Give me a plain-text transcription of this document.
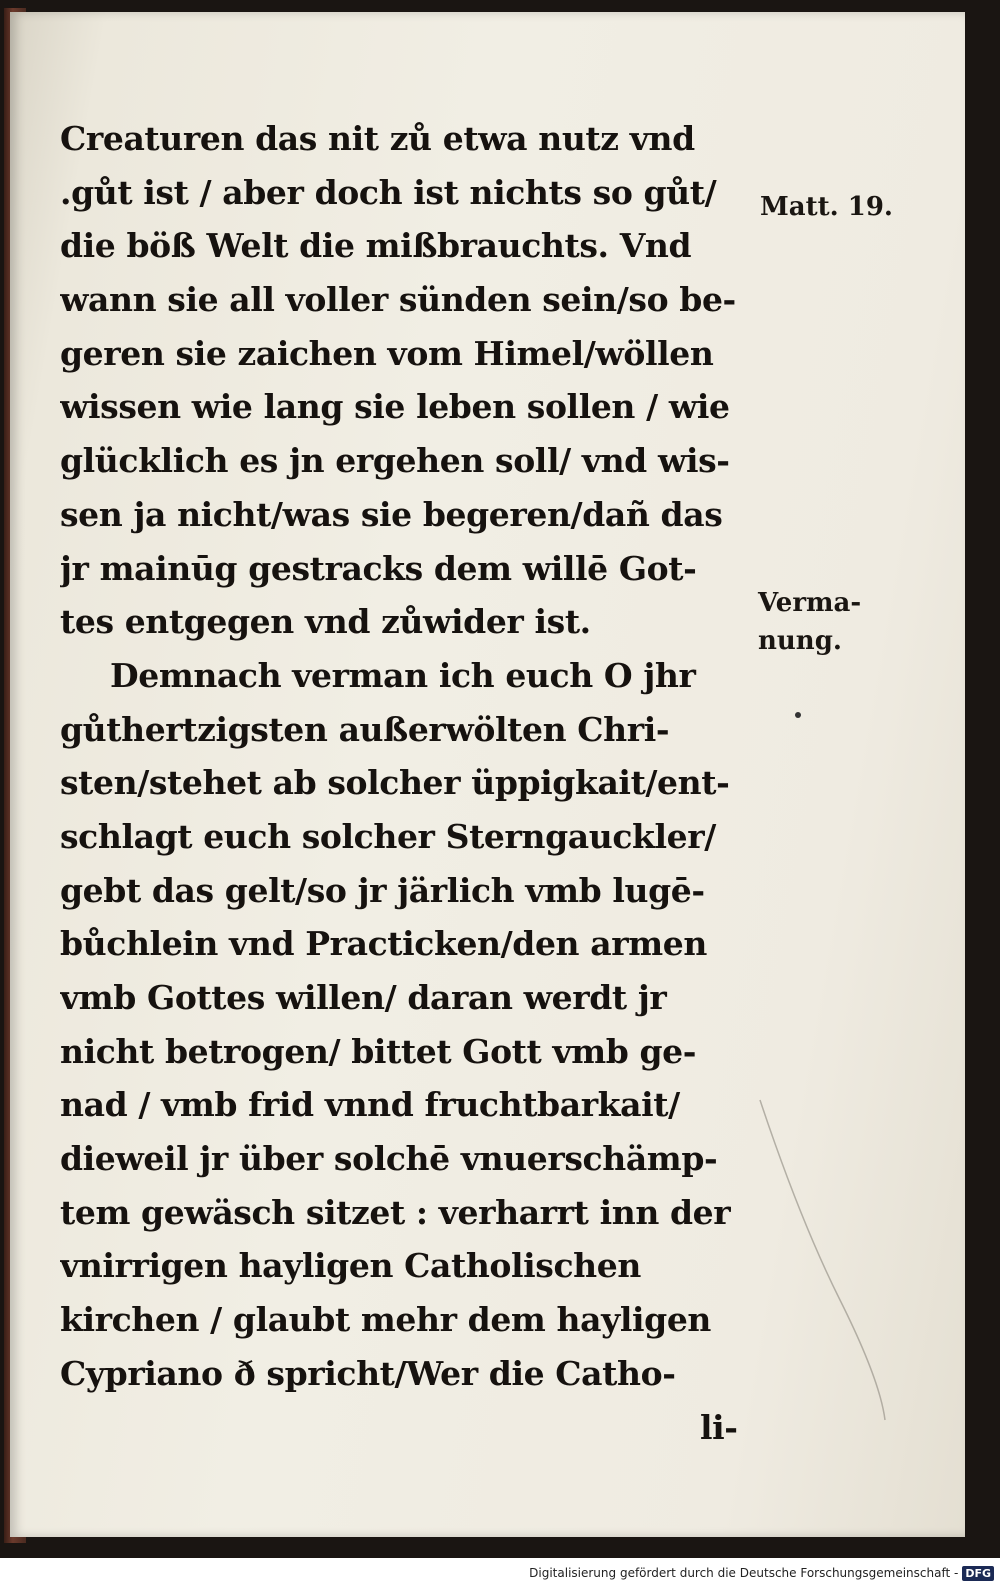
Creaturen das nit zů etwa nutz vnd
.gůt ist / aber doch ist nichts so gůt/
die böß Welt die mißbrauchts. Vnd
wann sie all voller sünden sein/so be-
geren sie zaichen vom Himel/wöllen
wissen wie lang sie leben sollen / wie
glücklich es jn ergehen soll/ vnd wis-
sen ja nicht/was sie begeren/dañ das
jr mainūg gestracks dem willē Got-
tes entgegen vnd zůwider ist.
Demnach verman ich euch O jhr
gůthertzigsten außerwölten Chri-
sten/stehet ab solcher üppigkait/ent-
schlagt euch solcher Sterngauckler/
gebt das gelt/so jr järlich vmb lugē-
bůchlein vnd Practicken/den armen
vmb Gottes willen/ daran werdt jr
nicht betrogen/ bittet Gott vmb ge-
nad / vmb frid vnnd fruchtbarkait/
dieweil jr über solchē vnuerschämp-
tem gewäsch sitzet : verharrt inn der
vnirrigen hayligen Catholischen
kirchen / glaubt mehr dem hayligen
Cypriano ð spricht/Wer die Catho-
li-
Matt. 19.
Verma-
nung.
Digitalisierung gefördert durch die Deutsche Forschungsgemeinschaft - DFG
